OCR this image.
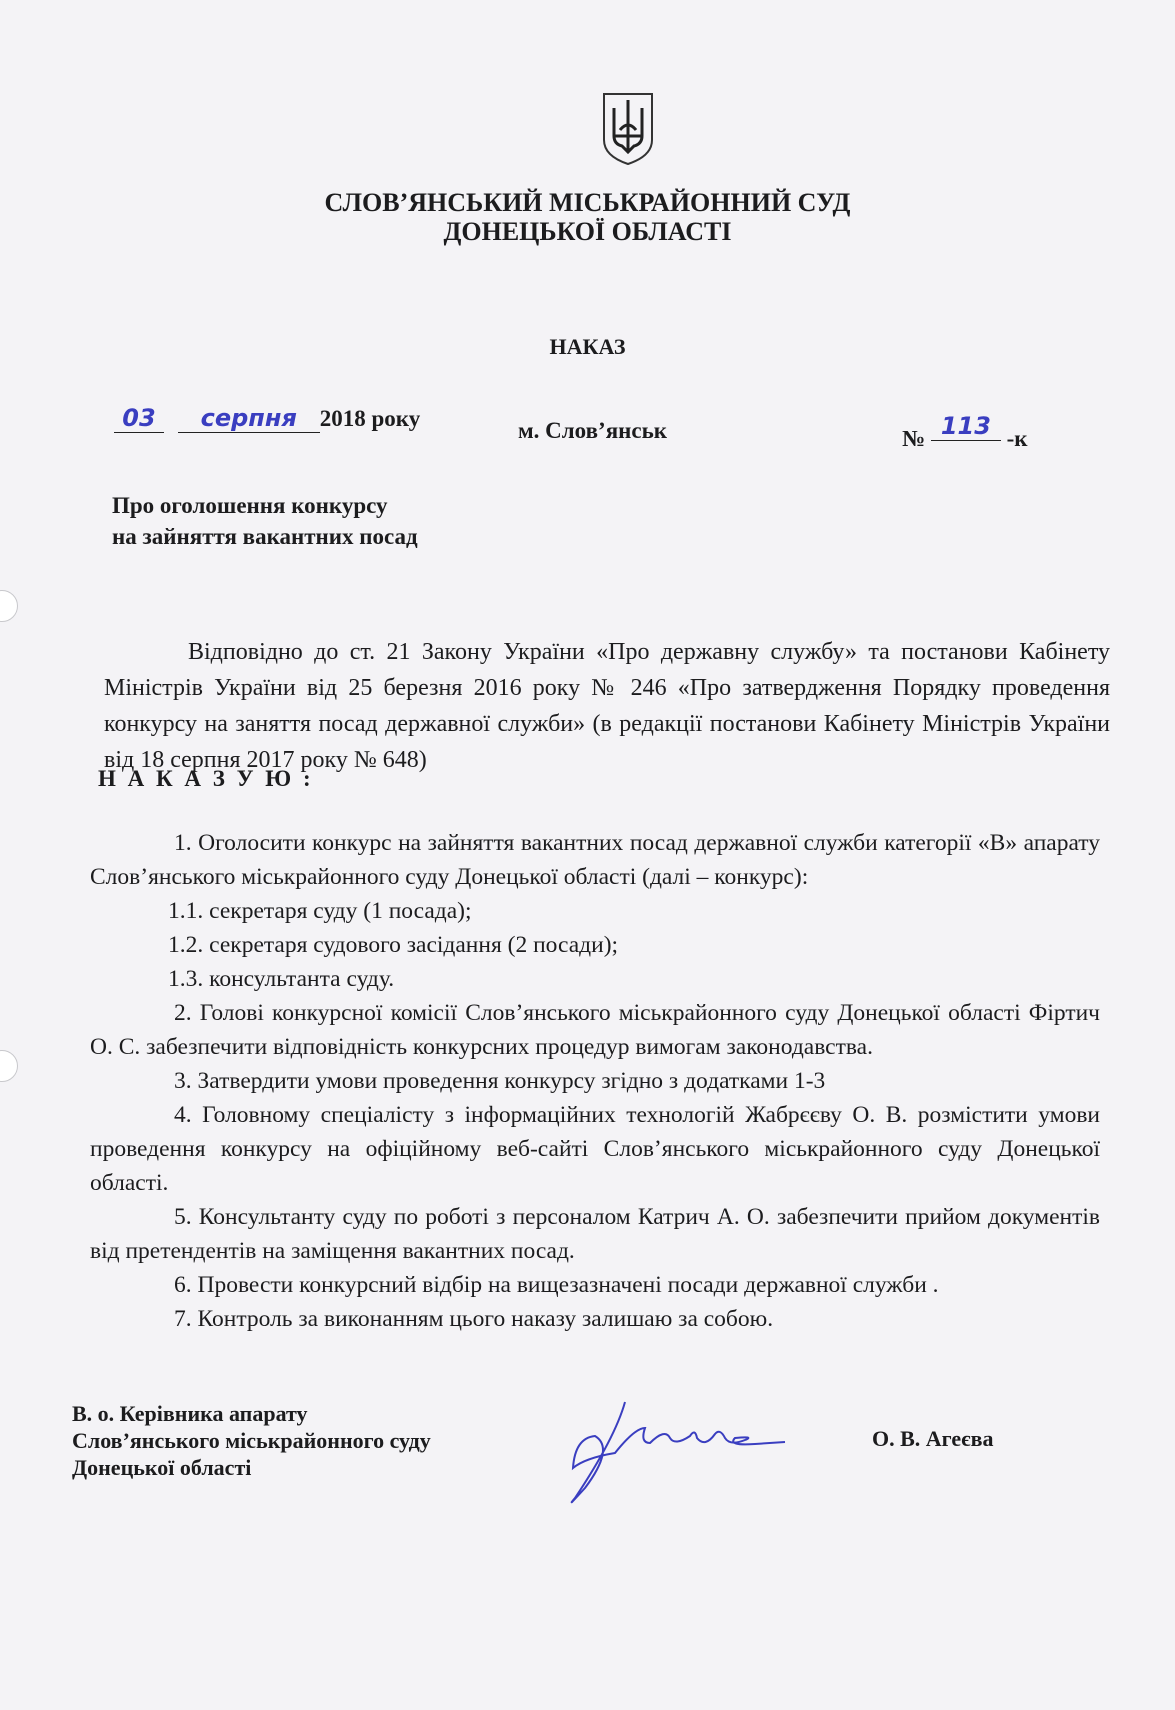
СЛОВ’ЯНСЬКИЙ МІСЬКРАЙОННИЙ СУД
ДОНЕЦЬКОЇ ОБЛАСТІ
НАКАЗ
03 серпня 2018 року	м. Слов’янськ	№ 113 -к
Про оголошення конкурсу
на зайняття вакантних посад

Відповідно до ст. 21 Закону України «Про державну службу» та постанови Кабінету Міністрів України від 25 березня 2016 року № 246 «Про затвердження Порядку проведення конкурсу на заняття посад державної служби» (в редакції постанови Кабінету Міністрів України від 18 серпня 2017 року № 648)

Н А К А З У Ю :

1. Оголосити конкурс на зайняття вакантних посад державної служби категорії «В» апарату Слов’янського міськрайонного суду Донецької області (далі – конкурс):

1.1. секретаря суду (1 посада);

1.2. секретаря судового засідання (2 посади);

1.3. консультанта суду.

2. Голові конкурсної комісії Слов’янського міськрайонного суду Донецької області Фіртич О. С. забезпечити відповідність конкурсних процедур вимогам законодавства.

3. Затвердити умови проведення конкурсу згідно з додатками 1-3

4. Головному спеціалісту з інформаційних технологій Жабрєєву О. В. розмістити умови проведення конкурсу на офіційному веб-сайті Слов’янського міськрайонного суду Донецької області.

5. Консультанту суду по роботі з персоналом Катрич А. О. забезпечити прийом документів від претендентів на заміщення вакантних посад.

6. Провести конкурсний відбір на вищезазначені посади державної служби .

7. Контроль за виконанням цього наказу залишаю за собою.

В. о. Керівника апарату
Слов’янського міськрайонного суду
Донецької області
О. В. Агеєва
